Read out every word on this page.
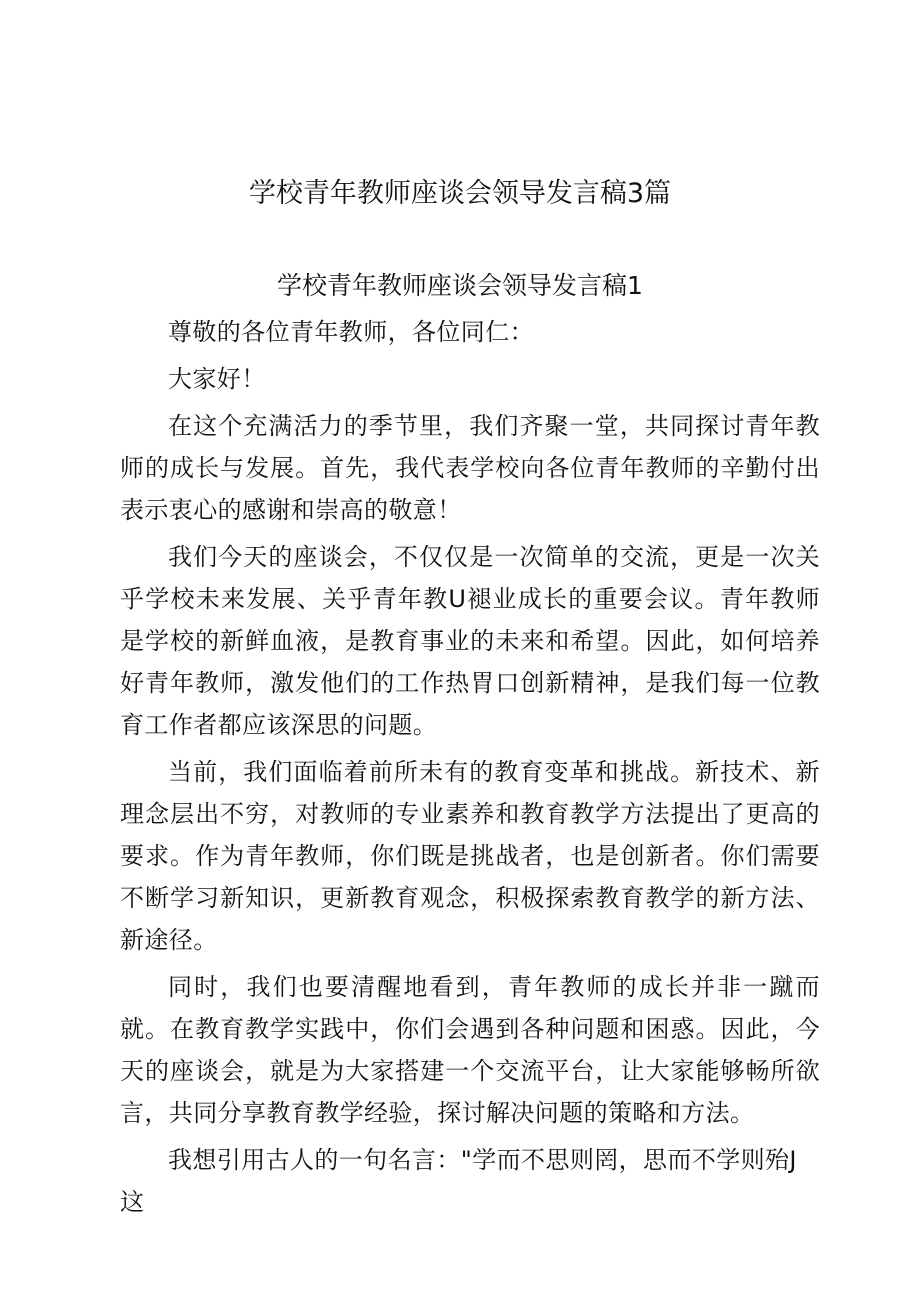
学校青年教师座谈会领导发言稿3篇
学校青年教师座谈会领导发言稿1

尊敬的各位青年教师，各位同仁：

大家好！

在这个充满活力的季节里，我们齐聚一堂，共同探讨青年教师的成长与发展。首先，我代表学校向各位青年教师的辛勤付出表示衷心的感谢和崇高的敬意！

我们今天的座谈会，不仅仅是一次简单的交流，更是一次关乎学校未来发展、关乎青年教U褪业成长的重要会议。青年教师是学校的新鲜血液，是教育事业的未来和希望。因此，如何培养好青年教师，激发他们的工作热胃口创新精神，是我们每一位教育工作者都应该深思的问题。

当前，我们面临着前所未有的教育变革和挑战。新技术、新理念层出不穷，对教师的专业素养和教育教学方法提出了更高的要求。作为青年教师，你们既是挑战者，也是创新者。你们需要不断学习新知识，更新教育观念，积极探索教育教学的新方法、新途径。

同时，我们也要清醒地看到，青年教师的成长并非一蹴而就。在教育教学实践中，你们会遇到各种问题和困惑。因此，今天的座谈会，就是为大家搭建一个交流平台，让大家能够畅所欲言，共同分享教育教学经验，探讨解决问题的策略和方法。

我想引用古人的一句名言："学而不思则罔，思而不学则殆J这
